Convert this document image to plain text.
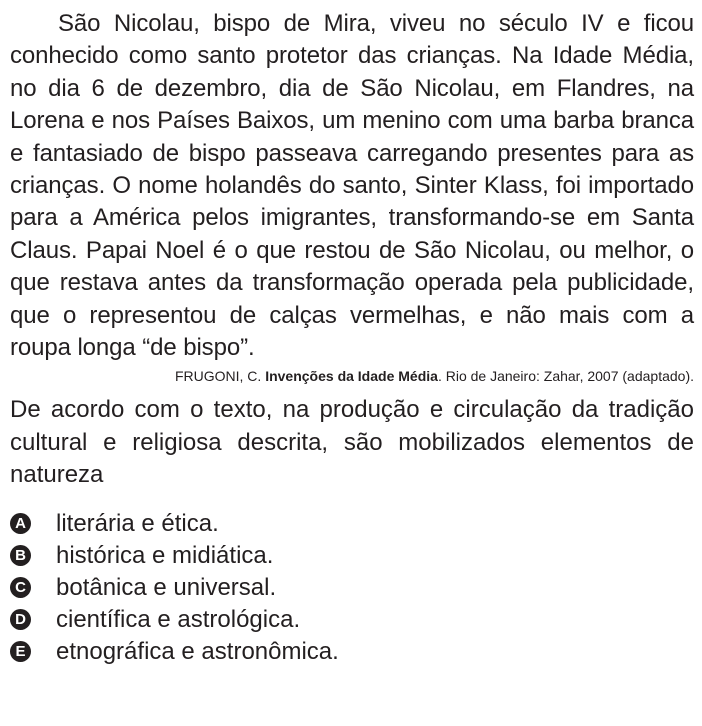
São Nicolau, bispo de Mira, viveu no século IV e ficou conhecido como santo protetor das crianças. Na Idade Média, no dia 6 de dezembro, dia de São Nicolau, em Flandres, na Lorena e nos Países Baixos, um menino com uma barba branca e fantasiado de bispo passeava carregando presentes para as crianças. O nome holandês do santo, Sinter Klass, foi importado para a América pelos imigrantes, transformando-se em Santa Claus. Papai Noel é o que restou de São Nicolau, ou melhor, o que restava antes da transformação operada pela publicidade, que o representou de calças vermelhas, e não mais com a roupa longa “de bispo”.

FRUGONI, C. Invenções da Idade Média. Rio de Janeiro: Zahar, 2007 (adaptado).

De acordo com o texto, na produção e circulação da tradição cultural e religiosa descrita, são mobilizados elementos de natureza

A literária e ética.
B histórica e midiática.
C botânica e universal.
D científica e astrológica.
E etnográfica e astronômica.
